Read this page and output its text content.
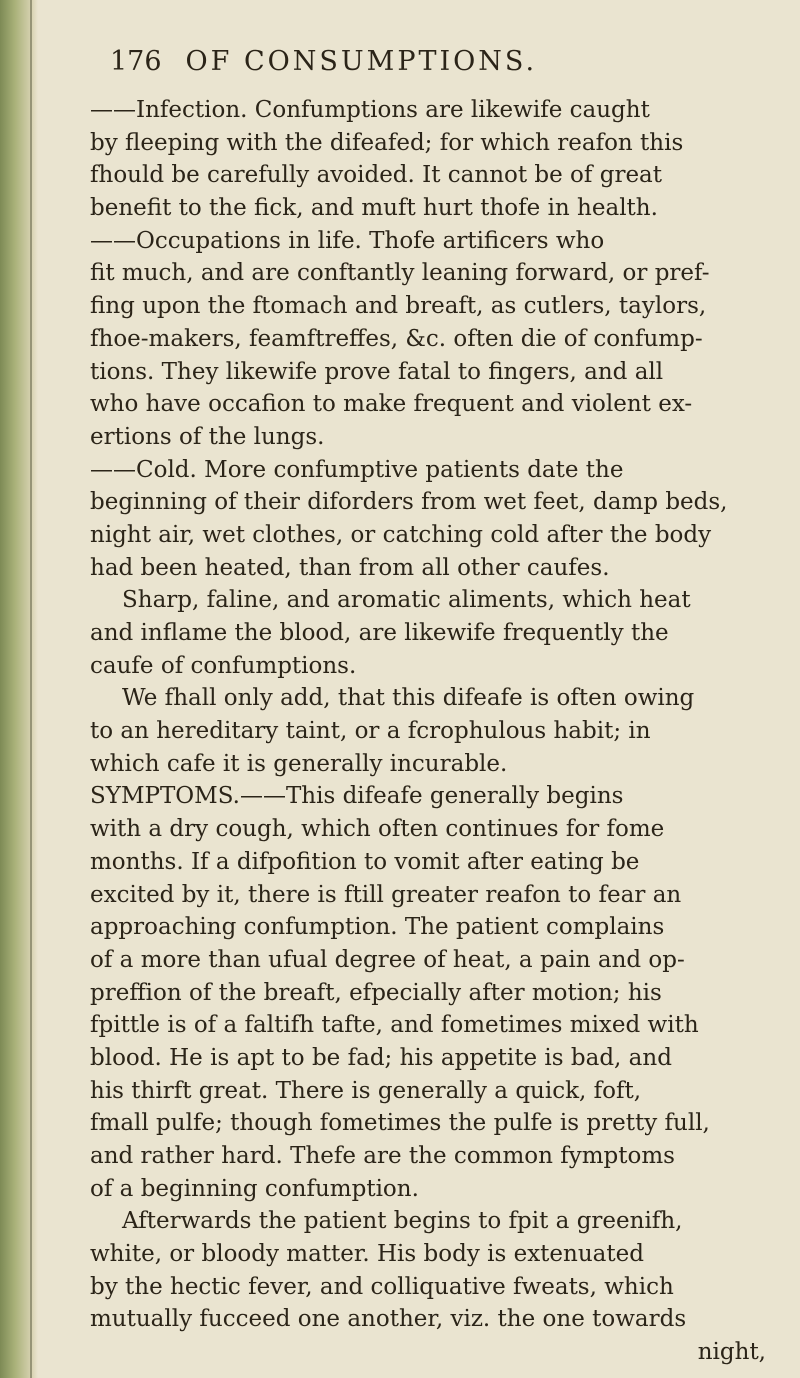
176 OF CONSUMPTIONS.
——Infection. Confumptions are likewife caught
by fleeping with the difeafed; for which reafon this
fhould be carefully avoided. It cannot be of great
benefit to the fick, and muft hurt thofe in health.
——Occupations in life. Thofe artificers who
fit much, and are conftantly leaning forward, or pref-
fing upon the ftomach and breaft, as cutlers, taylors,
fhoe-makers, feamftreffes, &c. often die of confump-
tions. They likewife prove fatal to fingers, and all
who have occafion to make frequent and violent ex-
ertions of the lungs.
——Cold. More confumptive patients date the
beginning of their diforders from wet feet, damp beds,
night air, wet clothes, or catching cold after the body
had been heated, than from all other caufes.
Sharp, faline, and aromatic aliments, which heat
and inflame the blood, are likewife frequently the
caufe of confumptions.
We fhall only add, that this difeafe is often owing
to an hereditary taint, or a fcrophulous habit; in
which cafe it is generally incurable.
SYMPTOMS.——This difeafe generally begins
with a dry cough, which often continues for fome
months. If a difpofition to vomit after eating be
excited by it, there is ftill greater reafon to fear an
approaching confumption. The patient complains
of a more than ufual degree of heat, a pain and op-
preffion of the breaft, efpecially after motion; his
fpittle is of a faltifh tafte, and fometimes mixed with
blood. He is apt to be fad; his appetite is bad, and
his thirft great. There is generally a quick, foft,
fmall pulfe; though fometimes the pulfe is pretty full,
and rather hard. Thefe are the common fymptoms
of a beginning confumption.
Afterwards the patient begins to fpit a greenifh,
white, or bloody matter. His body is extenuated
by the hectic fever, and colliquative fweats, which
mutually fucceed one another, viz. the one towards
night,
